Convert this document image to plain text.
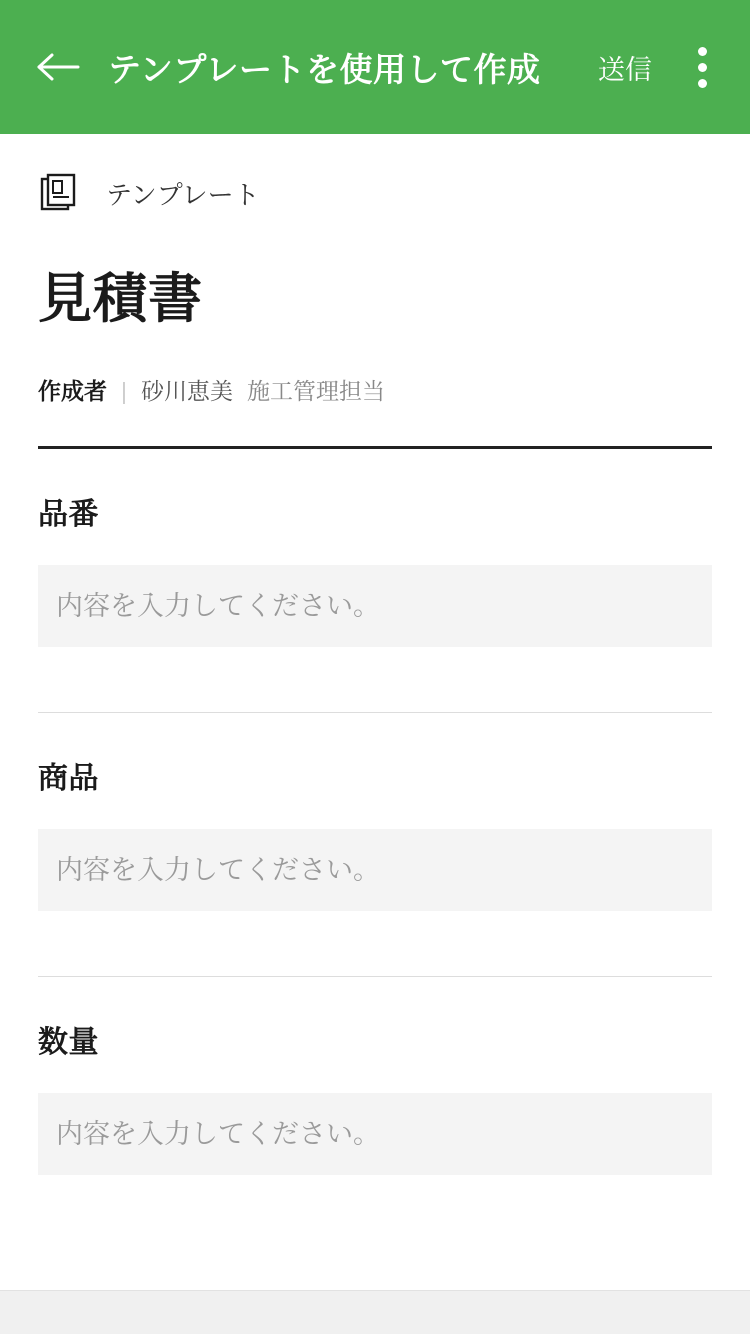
テンプレートを使用して作成	送信
テンプレート
見積書
作成者 | 砂川恵美 施工管理担当
品番
内容を入力してください。
商品
内容を入力してください。
数量
内容を入力してください。
